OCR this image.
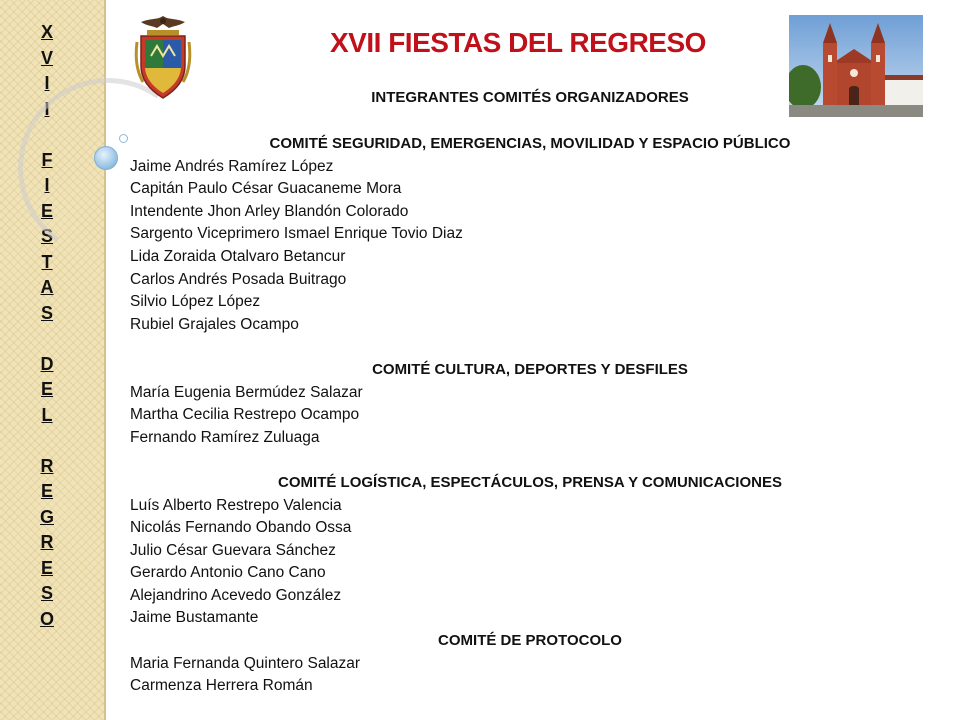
X
V
I
I
F
I
E
S
T
A
S
D
E
L
R
E
G
R
E
S
O
XVII FIESTAS DEL REGRESO
INTEGRANTES COMITÉS ORGANIZADORES
COMITÉ SEGURIDAD, EMERGENCIAS, MOVILIDAD Y ESPACIO PÚBLICO
Jaime Andrés Ramírez López
Capitán Paulo César Guacaneme Mora
Intendente Jhon Arley Blandón Colorado
Sargento Viceprimero Ismael Enrique Tovio Diaz
Lida Zoraida Otalvaro Betancur
Carlos Andrés Posada Buitrago
Silvio López López
Rubiel Grajales Ocampo
COMITÉ CULTURA, DEPORTES Y DESFILES
María Eugenia Bermúdez Salazar
Martha Cecilia Restrepo Ocampo
Fernando Ramírez Zuluaga
COMITÉ LOGÍSTICA, ESPECTÁCULOS, PRENSA Y COMUNICACIONES
Luís Alberto Restrepo Valencia
Nicolás Fernando Obando Ossa
Julio César Guevara Sánchez
Gerardo Antonio Cano Cano
Alejandrino Acevedo González
Jaime Bustamante
COMITÉ DE PROTOCOLO
Maria Fernanda Quintero Salazar
Carmenza Herrera Román
